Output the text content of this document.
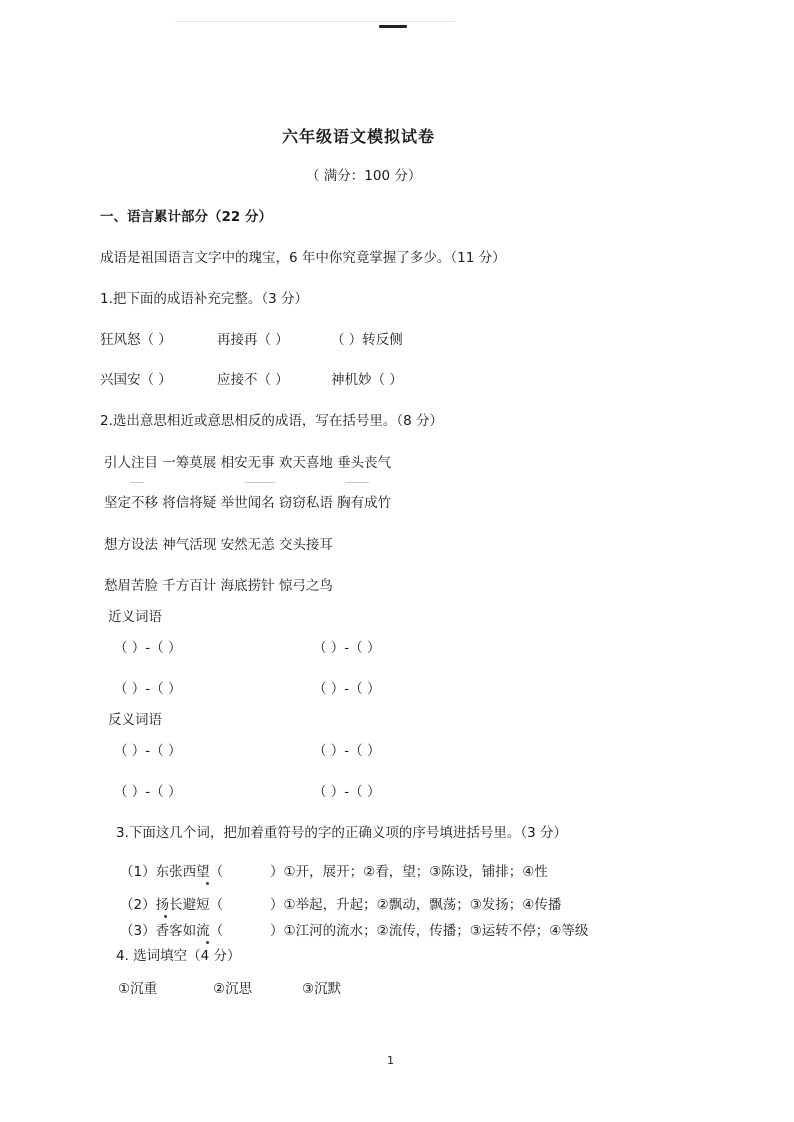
六年级语文模拟试卷
（ 满分：100 分）
一、语言累计部分（22 分）
成语是祖国语言文字中的瑰宝，6 年中你究竟掌握了多少。（11 分）
1.把下面的成语补充完整。（3 分）
狂风怒（ ）	再接再（ ）	（ ）转反侧
兴国安（ ）	应接不（ ）	神机妙（ ）
2.选出意思相近或意思相反的成语，写在括号里。（8 分）
引人注目 一筹莫展 相安无事 欢天喜地 垂头丧气
坚定不移 将信将疑 举世闻名 窃窃私语 胸有成竹
想方设法 神气活现 安然无恙 交头接耳
愁眉苦脸 千方百计 海底捞针 惊弓之鸟
近义词语
（ ）-（ ）	（ ）-（ ）
（ ）-（ ）	（ ）-（ ）
反义词语
（ ）-（ ）	（ ）-（ ）
（ ）-（ ）	（ ）-（ ）
3.下面这几个词，把加着重符号的字的正确义项的序号填进括号里。（3 分）
（1）东张西望（	）①开，展开；②看，望；③陈设，铺排；④性
（2）扬长避短（	）①举起，升起；②飘动，飘荡；③发扬；④传播
（3）香客如流（	）①江河的流水；②流传，传播；③运转不停；④等级
4. 选词填空（4 分）
①沉重	②沉思	③沉默
1
